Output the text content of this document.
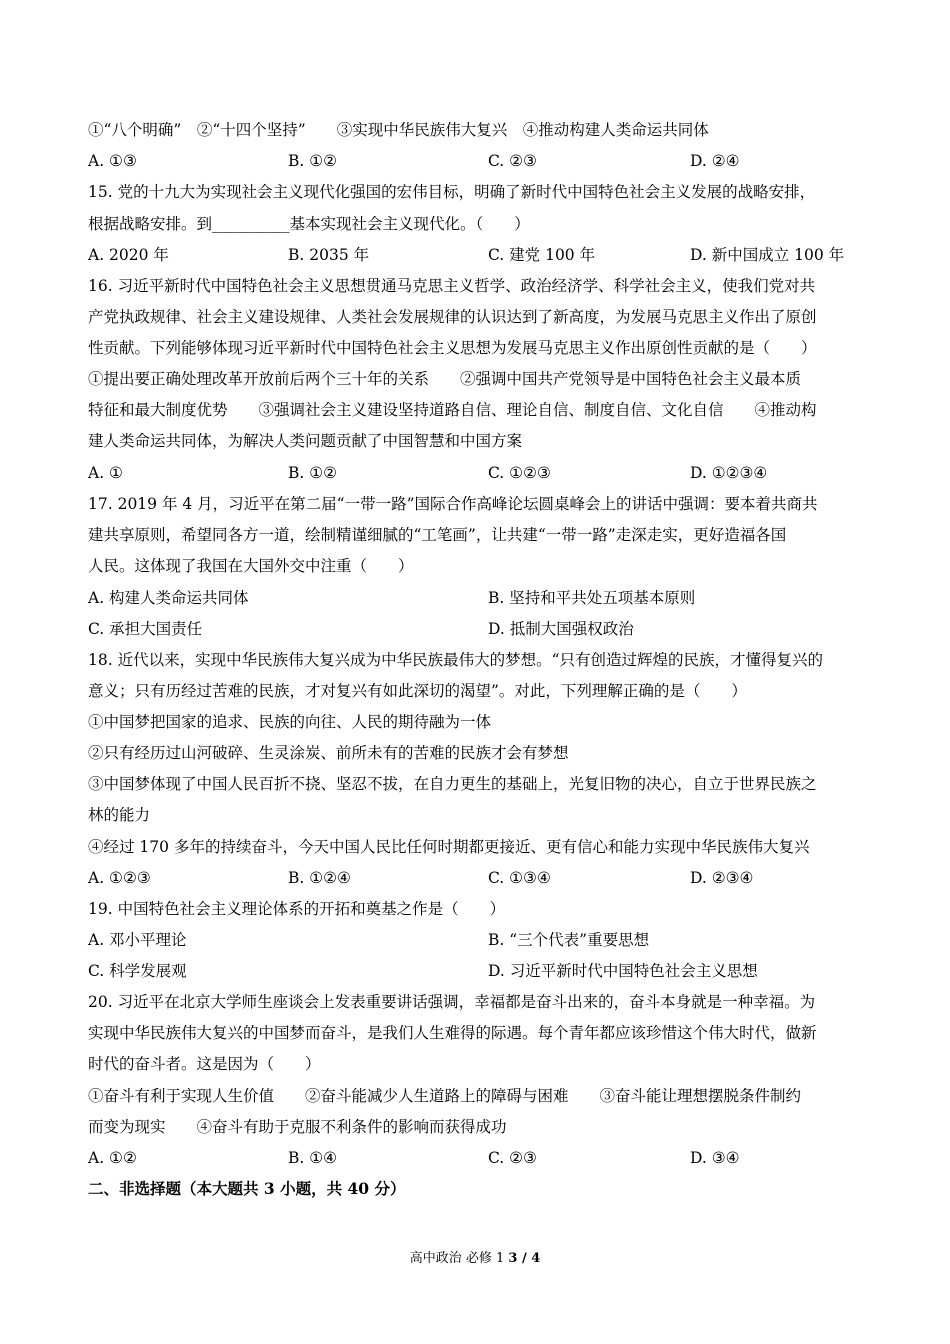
①“八个明确”　②“十四个坚持”　　③实现中华民族伟大复兴　④推动构建人类命运共同体
A. ①③	B. ①②	C. ②③	D. ②④
15. 党的十九大为实现社会主义现代化强国的宏伟目标，明确了新时代中国特色社会主义发展的战略安排，
根据战略安排。到__________基本实现社会主义现代化。（　　）
A. 2020 年	B. 2035 年	C. 建党 100 年	D. 新中国成立 100 年
16. 习近平新时代中国特色社会主义思想贯通马克思主义哲学、政治经济学、科学社会主义，使我们党对共
产党执政规律、社会主义建设规律、人类社会发展规律的认识达到了新高度，为发展马克思主义作出了原创
性贡献。下列能够体现习近平新时代中国特色社会主义思想为发展马克思主义作出原创性贡献的是（　　）
①提出要正确处理改革开放前后两个三十年的关系　　②强调中国共产党领导是中国特色社会主义最本质
特征和最大制度优势　　③强调社会主义建设坚持道路自信、理论自信、制度自信、文化自信　　④推动构
建人类命运共同体，为解决人类问题贡献了中国智慧和中国方案
A. ①	B. ①②	C. ①②③	D. ①②③④
17. 2019 年 4 月，习近平在第二届“一带一路”国际合作高峰论坛圆桌峰会上的讲话中强调：要本着共商共
建共享原则，希望同各方一道，绘制精谨细腻的“工笔画”，让共建“一带一路”走深走实，更好造福各国
人民。这体现了我国在大国外交中注重（　　）
A. 构建人类命运共同体	B. 坚持和平共处五项基本原则
C. 承担大国责任	D. 抵制大国强权政治
18. 近代以来，实现中华民族伟大复兴成为中华民族最伟大的梦想。“只有创造过辉煌的民族，才懂得复兴的
意义；只有历经过苦难的民族，才对复兴有如此深切的渴望”。对此，下列理解正确的是（　　）
①中国梦把国家的追求、民族的向往、人民的期待融为一体
②只有经历过山河破碎、生灵涂炭、前所未有的苦难的民族才会有梦想
③中国梦体现了中国人民百折不挠、坚忍不拔，在自力更生的基础上，光复旧物的决心，自立于世界民族之
林的能力
④经过 170 多年的持续奋斗，今天中国人民比任何时期都更接近、更有信心和能力实现中华民族伟大复兴
A. ①②③	B. ①②④	C. ①③④	D. ②③④
19. 中国特色社会主义理论体系的开拓和奠基之作是（　　）
A. 邓小平理论	B. “三个代表”重要思想
C. 科学发展观	D. 习近平新时代中国特色社会主义思想
20. 习近平在北京大学师生座谈会上发表重要讲话强调，幸福都是奋斗出来的，奋斗本身就是一种幸福。为
实现中华民族伟大复兴的中国梦而奋斗，是我们人生难得的际遇。每个青年都应该珍惜这个伟大时代，做新
时代的奋斗者。这是因为（　　）
①奋斗有利于实现人生价值　　②奋斗能减少人生道路上的障碍与困难　　③奋斗能让理想摆脱条件制约
而变为现实　　④奋斗有助于克服不利条件的影响而获得成功
A. ①②	B. ①④	C. ②③	D. ③④
二、非选择题（本大题共 3 小题，共 40 分）
高中政治 必修 1 3 / 4
